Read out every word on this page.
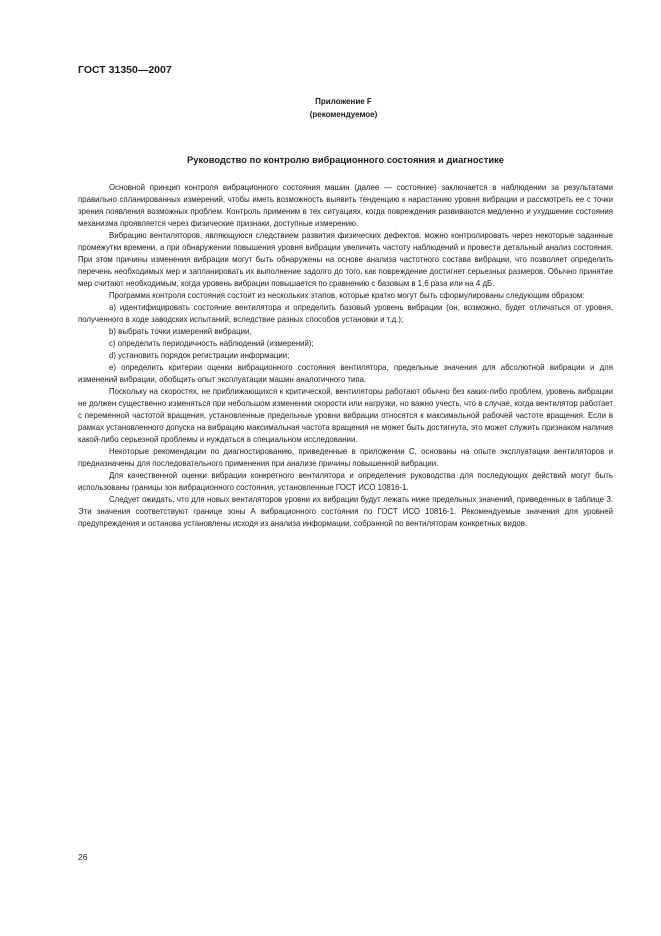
ГОСТ 31350—2007
Приложение F
(рекомендуемое)
Руководство по контролю вибрационного состояния и диагностике

Основной принцип контроля вибрационного состояния машин (далее — состояние) заключается в наблюдении за результатами правильно спланированных измерений, чтобы иметь возможность выявить тенденцию к нарастанию уровня вибрации и рассмотреть ее с точки зрения появления возможных проблем. Контроль применим в тех ситуациях, когда повреждения развиваются медленно и ухудшение состояния механизма проявляется через физические признаки, доступные измерению.

Вибрацию вентиляторов, являющуюся следствием развития физических дефектов, можно контролировать через некоторые заданные промежутки времени, а при обнаружении повышения уровня вибрации увеличить частоту наблюдений и провести детальный анализ состояния. При этом причины изменения вибрации могут быть обнаружены на основе анализа частотного состава вибрации, что позволяет определить перечень необходимых мер и запланировать их выполнение задолго до того, как повреждение достигнет серьезных размеров. Обычно принятие мер считают необходимым, когда уровень вибрации повышается по сравнению с базовым в 1,6 раза или на 4 дБ.

Программа контроля состояния состоит из нескольких этапов, которые кратко могут быть сформулированы следующим образом:

а) идентифицировать состояние вентилятора и определить базовый уровень вибрации (он, возможно, будет отличаться от уровня, полученного в ходе заводских испытаний, вследствие разных способов установки и т.д.);

b) выбрать точки измерений вибрации,

c) определить периодичность наблюдений (измерений);

d) установить порядок регистрации информации;

e) определить критерии оценки вибрационного состояния вентилятора, предельные значения для абсолютной вибрации и для изменений вибрации, обобщить опыт эксплуатации машин аналогичного типа.

Поскольку на скоростях, не приближающихся к критической, вентиляторы работают обычно без каких-либо проблем, уровень вибрации не должен существенно изменяться при небольшом изменении скорости или нагрузки, но важно учесть, что в случае, когда вентилятор работает с переменной частотой вращения, установленные предельные уровни вибрации относятся к максимальной рабочей частоте вращения. Если в рамках установленного допуска на вибрацию максимальная частота вращения не может быть достигнута, это может служить признаком наличия какой-либо серьезной проблемы и нуждаться в специальном исследовании.

Некоторые рекомендации по диагностированию, приведенные в приложении С, основаны на опыте эксплуатации вентиляторов и предназначены для последовательного применения при анализе причины повышенной вибрации.

Для качественной оценки вибрации конкретного вентилятора и определения руководства для последующих действий могут быть использованы границы зон вибрационного состояния, установленные ГОСТ ИСО 10816-1.

Следует ожидать, что для новых вентиляторов уровни их вибрации будут лежать ниже предельных значений, приведенных в таблице 3. Эти значения соответствуют границе зоны А вибрационного состояния по ГОСТ ИСО 10816-1. Рекомендуемые значения для уровней предупреждения и останова установлены исходя из анализа информации, собранной по вентиляторам конкретных видов.

26
